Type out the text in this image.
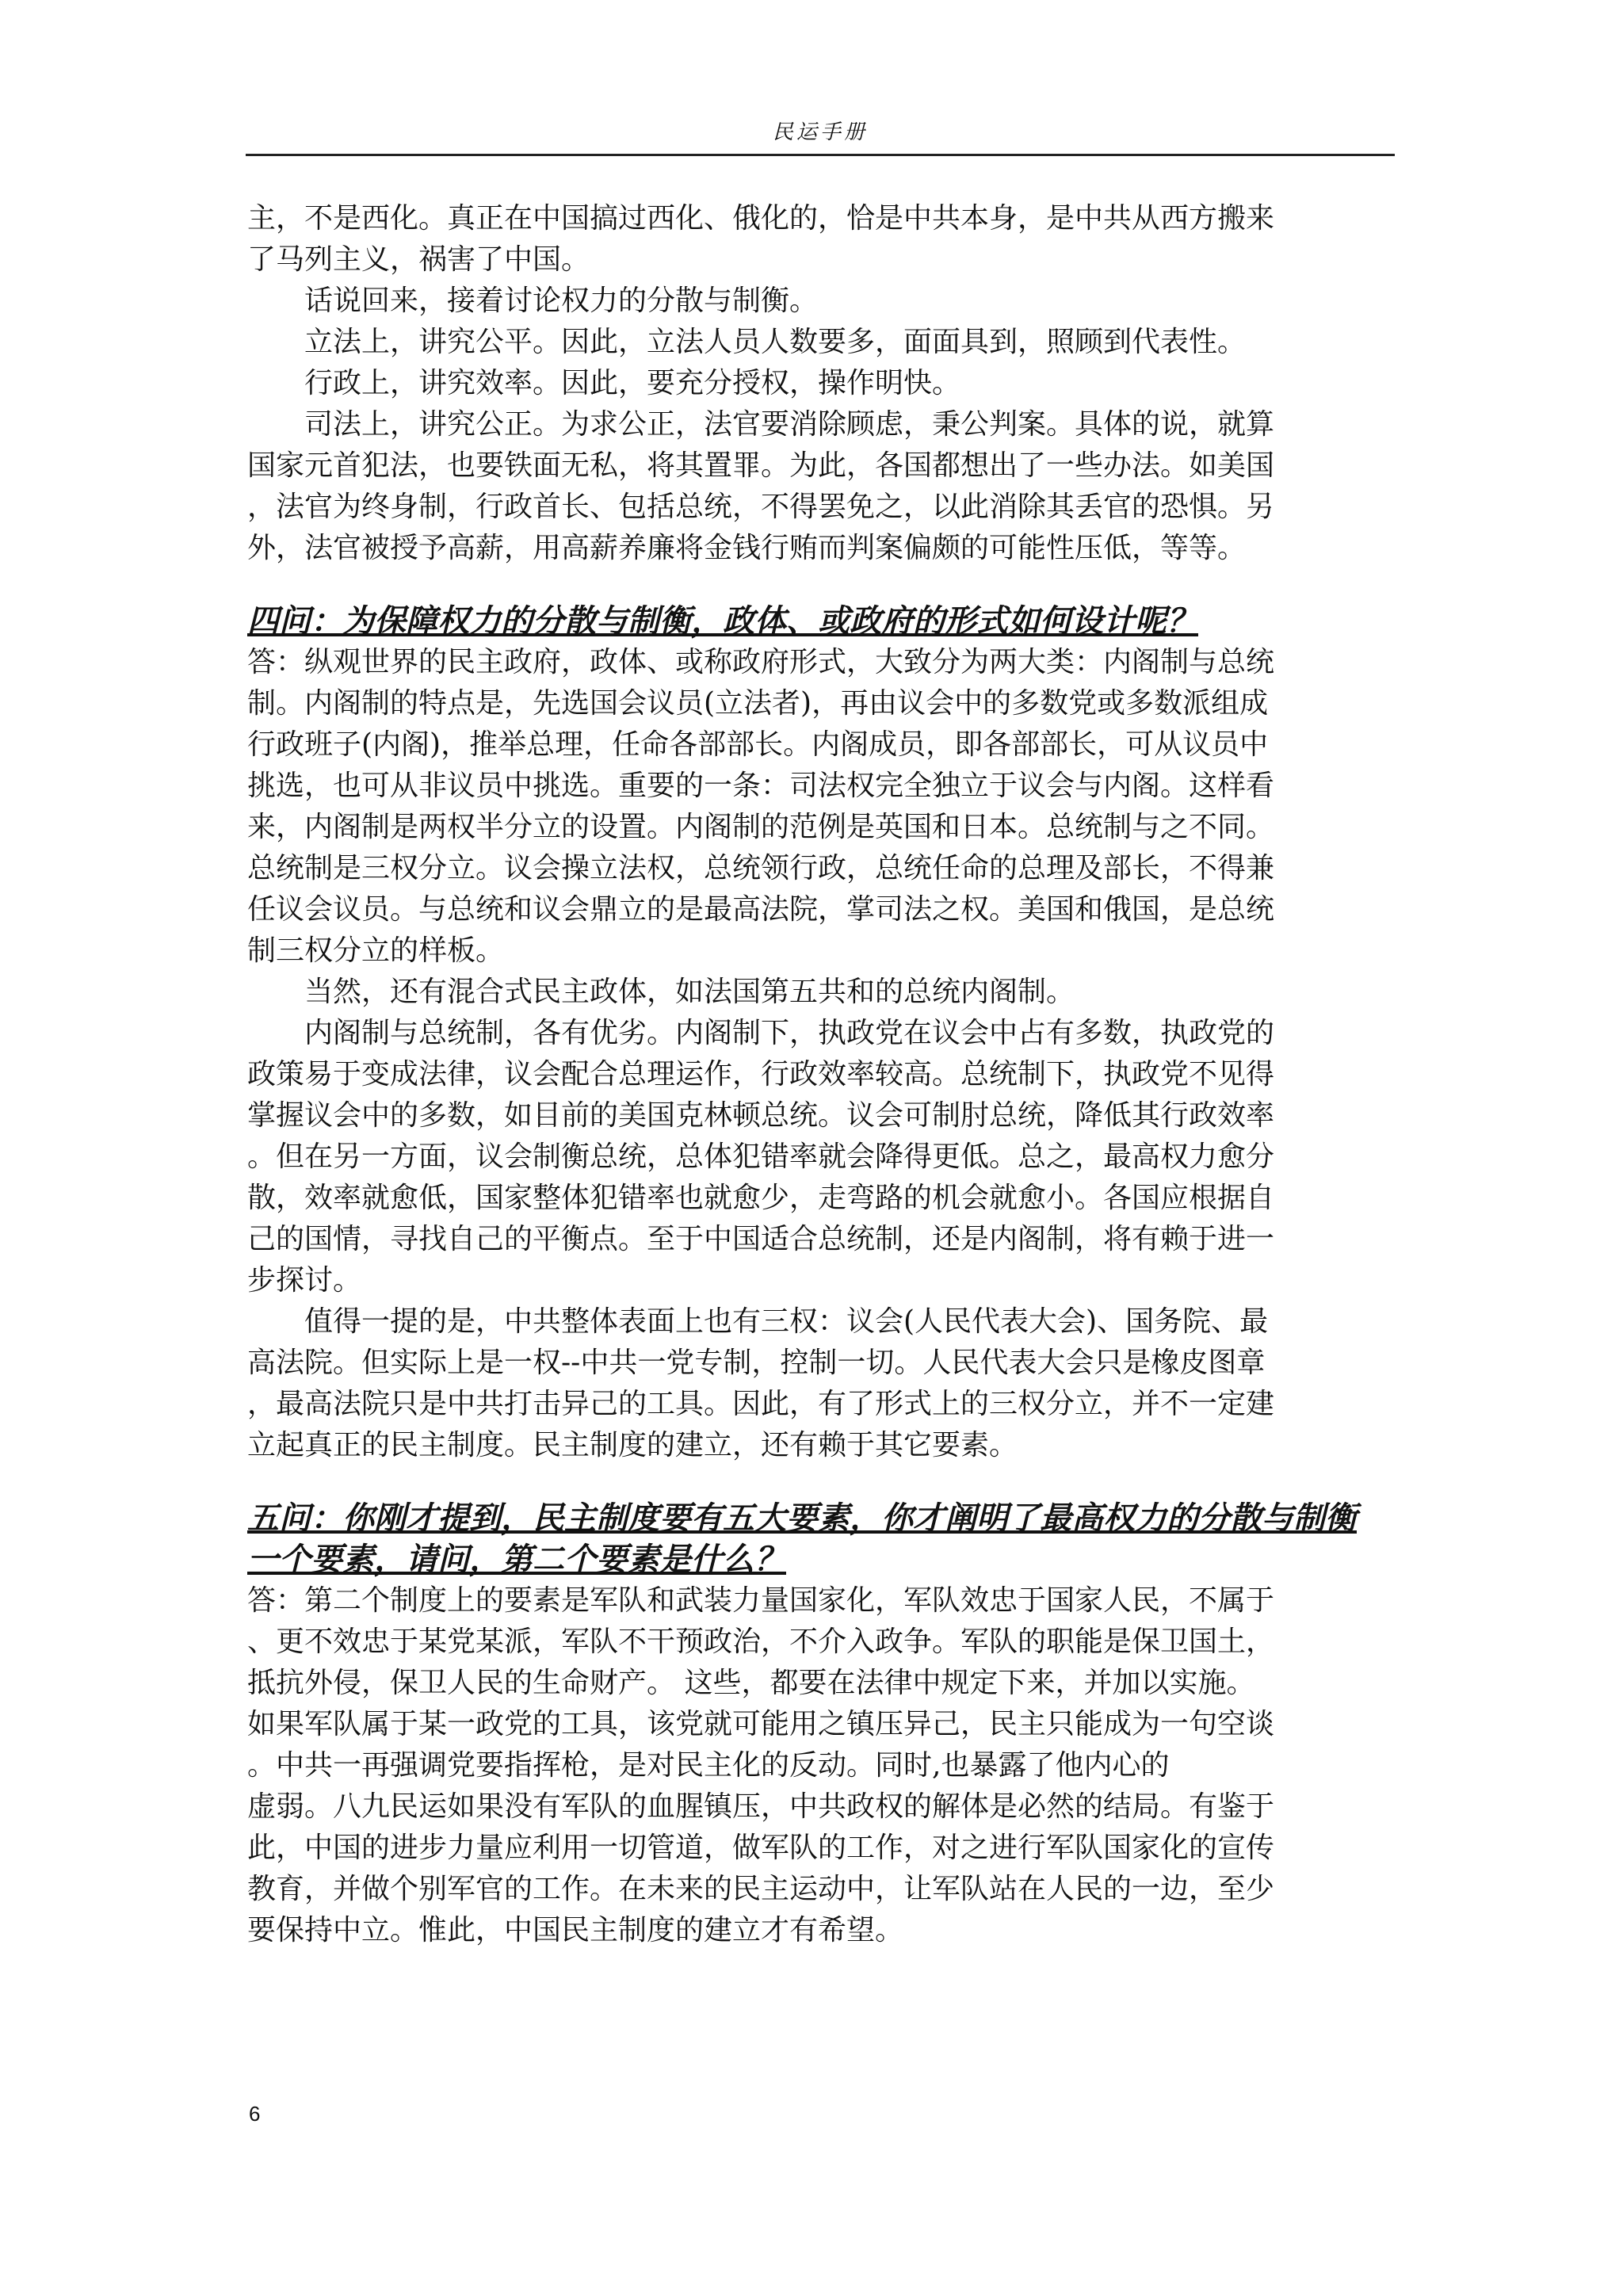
民运手册
主，不是西化。真正在中国搞过西化、俄化的，恰是中共本身，是中共从西方搬来
了马列主义，祸害了中国。
话说回来，接着讨论权力的分散与制衡。
立法上，讲究公平。因此，立法人员人数要多，面面具到，照顾到代表性。
行政上，讲究效率。因此，要充分授权，操作明快。
司法上，讲究公正。为求公正，法官要消除顾虑，秉公判案。具体的说，就算
国家元首犯法，也要铁面无私，将其置罪。为此，各国都想出了一些办法。如美国
，法官为终身制，行政首长、包括总统，不得罢免之，以此消除其丢官的恐惧。另
外，法官被授予高薪，用高薪养廉将金钱行贿而判案偏颇的可能性压低，等等。
四问：为保障权力的分散与制衡，政体、或政府的形式如何设计呢？
答：纵观世界的民主政府，政体、或称政府形式，大致分为两大类：内阁制与总统
制。内阁制的特点是，先选国会议员(立法者)，再由议会中的多数党或多数派组成
行政班子(内阁)，推举总理，任命各部部长。内阁成员，即各部部长，可从议员中
挑选，也可从非议员中挑选。重要的一条：司法权完全独立于议会与内阁。这样看
来，内阁制是两权半分立的设置。内阁制的范例是英国和日本。总统制与之不同。
总统制是三权分立。议会操立法权，总统领行政，总统任命的总理及部长，不得兼
任议会议员。与总统和议会鼎立的是最高法院，掌司法之权。美国和俄国，是总统
制三权分立的样板。
当然，还有混合式民主政体，如法国第五共和的总统内阁制。
内阁制与总统制，各有优劣。内阁制下，执政党在议会中占有多数，执政党的
政策易于变成法律，议会配合总理运作，行政效率较高。总统制下，执政党不见得
掌握议会中的多数，如目前的美国克林顿总统。议会可制肘总统，降低其行政效率
。但在另一方面，议会制衡总统，总体犯错率就会降得更低。总之，最高权力愈分
散，效率就愈低，国家整体犯错率也就愈少，走弯路的机会就愈小。各国应根据自
己的国情，寻找自己的平衡点。至于中国适合总统制，还是内阁制，将有赖于进一
步探讨。
值得一提的是，中共整体表面上也有三权：议会(人民代表大会)、国务院、最
高法院。但实际上是一权--中共一党专制，控制一切。人民代表大会只是橡皮图章
，最高法院只是中共打击异己的工具。因此，有了形式上的三权分立，并不一定建
立起真正的民主制度。民主制度的建立，还有赖于其它要素。
五问：你刚才提到，民主制度要有五大要素，你才阐明了最高权力的分散与制衡
一个要素，请问，第二个要素是什么？
答：第二个制度上的要素是军队和武装力量国家化，军队效忠于国家人民，不属于
、更不效忠于某党某派，军队不干预政治，不介入政争。军队的职能是保卫国土，
抵抗外侵，保卫人民的生命财产。 这些，都要在法律中规定下来，并加以实施。
如果军队属于某一政党的工具，该党就可能用之镇压异己，民主只能成为一句空谈
。中共一再强调党要指挥枪，是对民主化的反动。同时,也暴露了他内心的
虚弱。八九民运如果没有军队的血腥镇压，中共政权的解体是必然的结局。有鉴于
此，中国的进步力量应利用一切管道，做军队的工作，对之进行军队国家化的宣传
教育，并做个别军官的工作。在未来的民主运动中，让军队站在人民的一边，至少
要保持中立。惟此，中国民主制度的建立才有希望。
6
